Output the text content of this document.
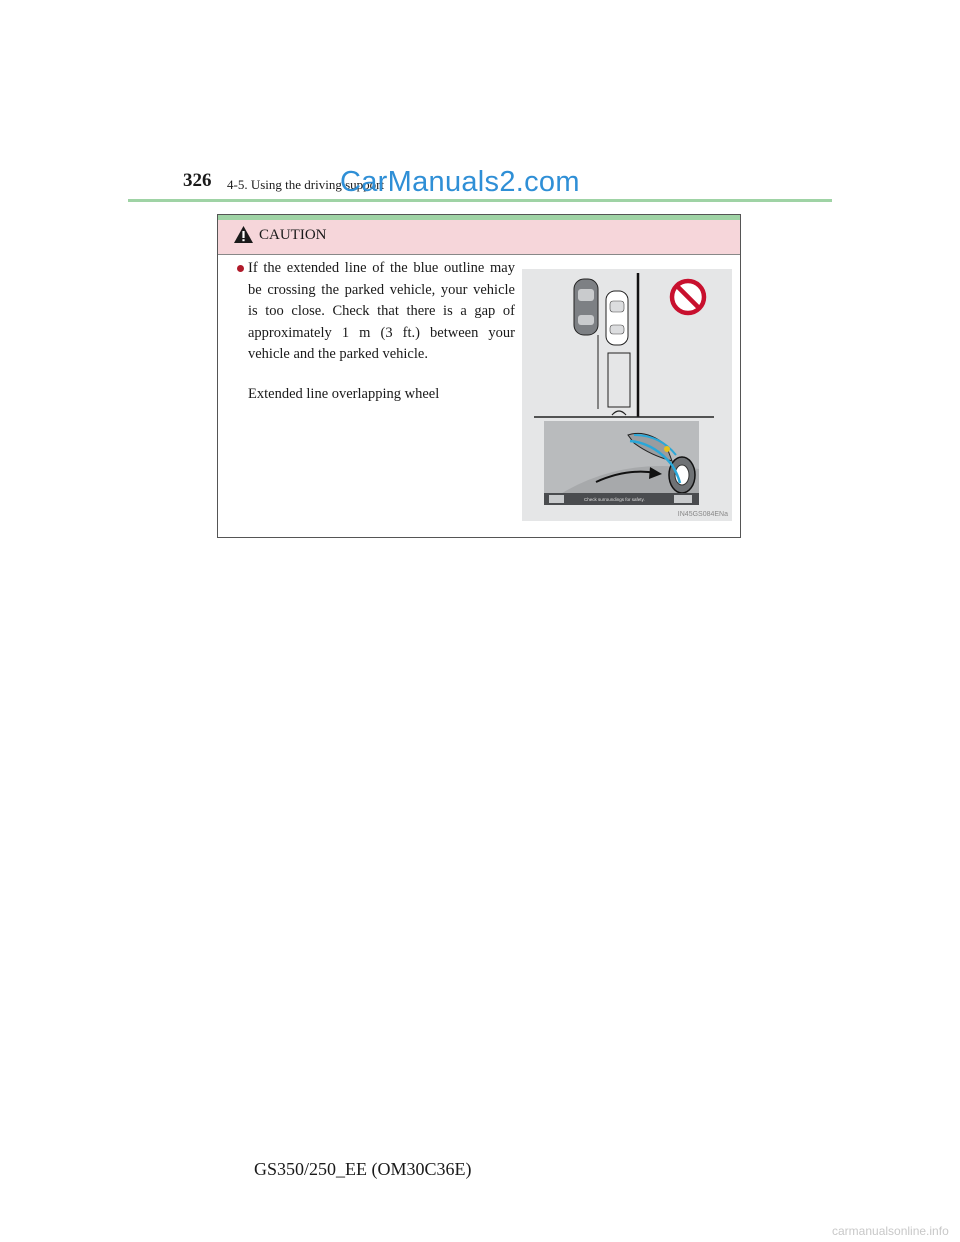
326 4-5. Using the driving support
CarManuals2.com
CAUTION
If the extended line of the blue outline may be crossing the parked vehicle, your vehicle is too close. Check that there is a gap of approximately 1 m (3 ft.) between your vehicle and the parked vehicle.
Extended line overlapping wheel
Check surroundings for safety.
IN45GS084ENa
GS350/250_EE (OM30C36E)
carmanualsonline.info
